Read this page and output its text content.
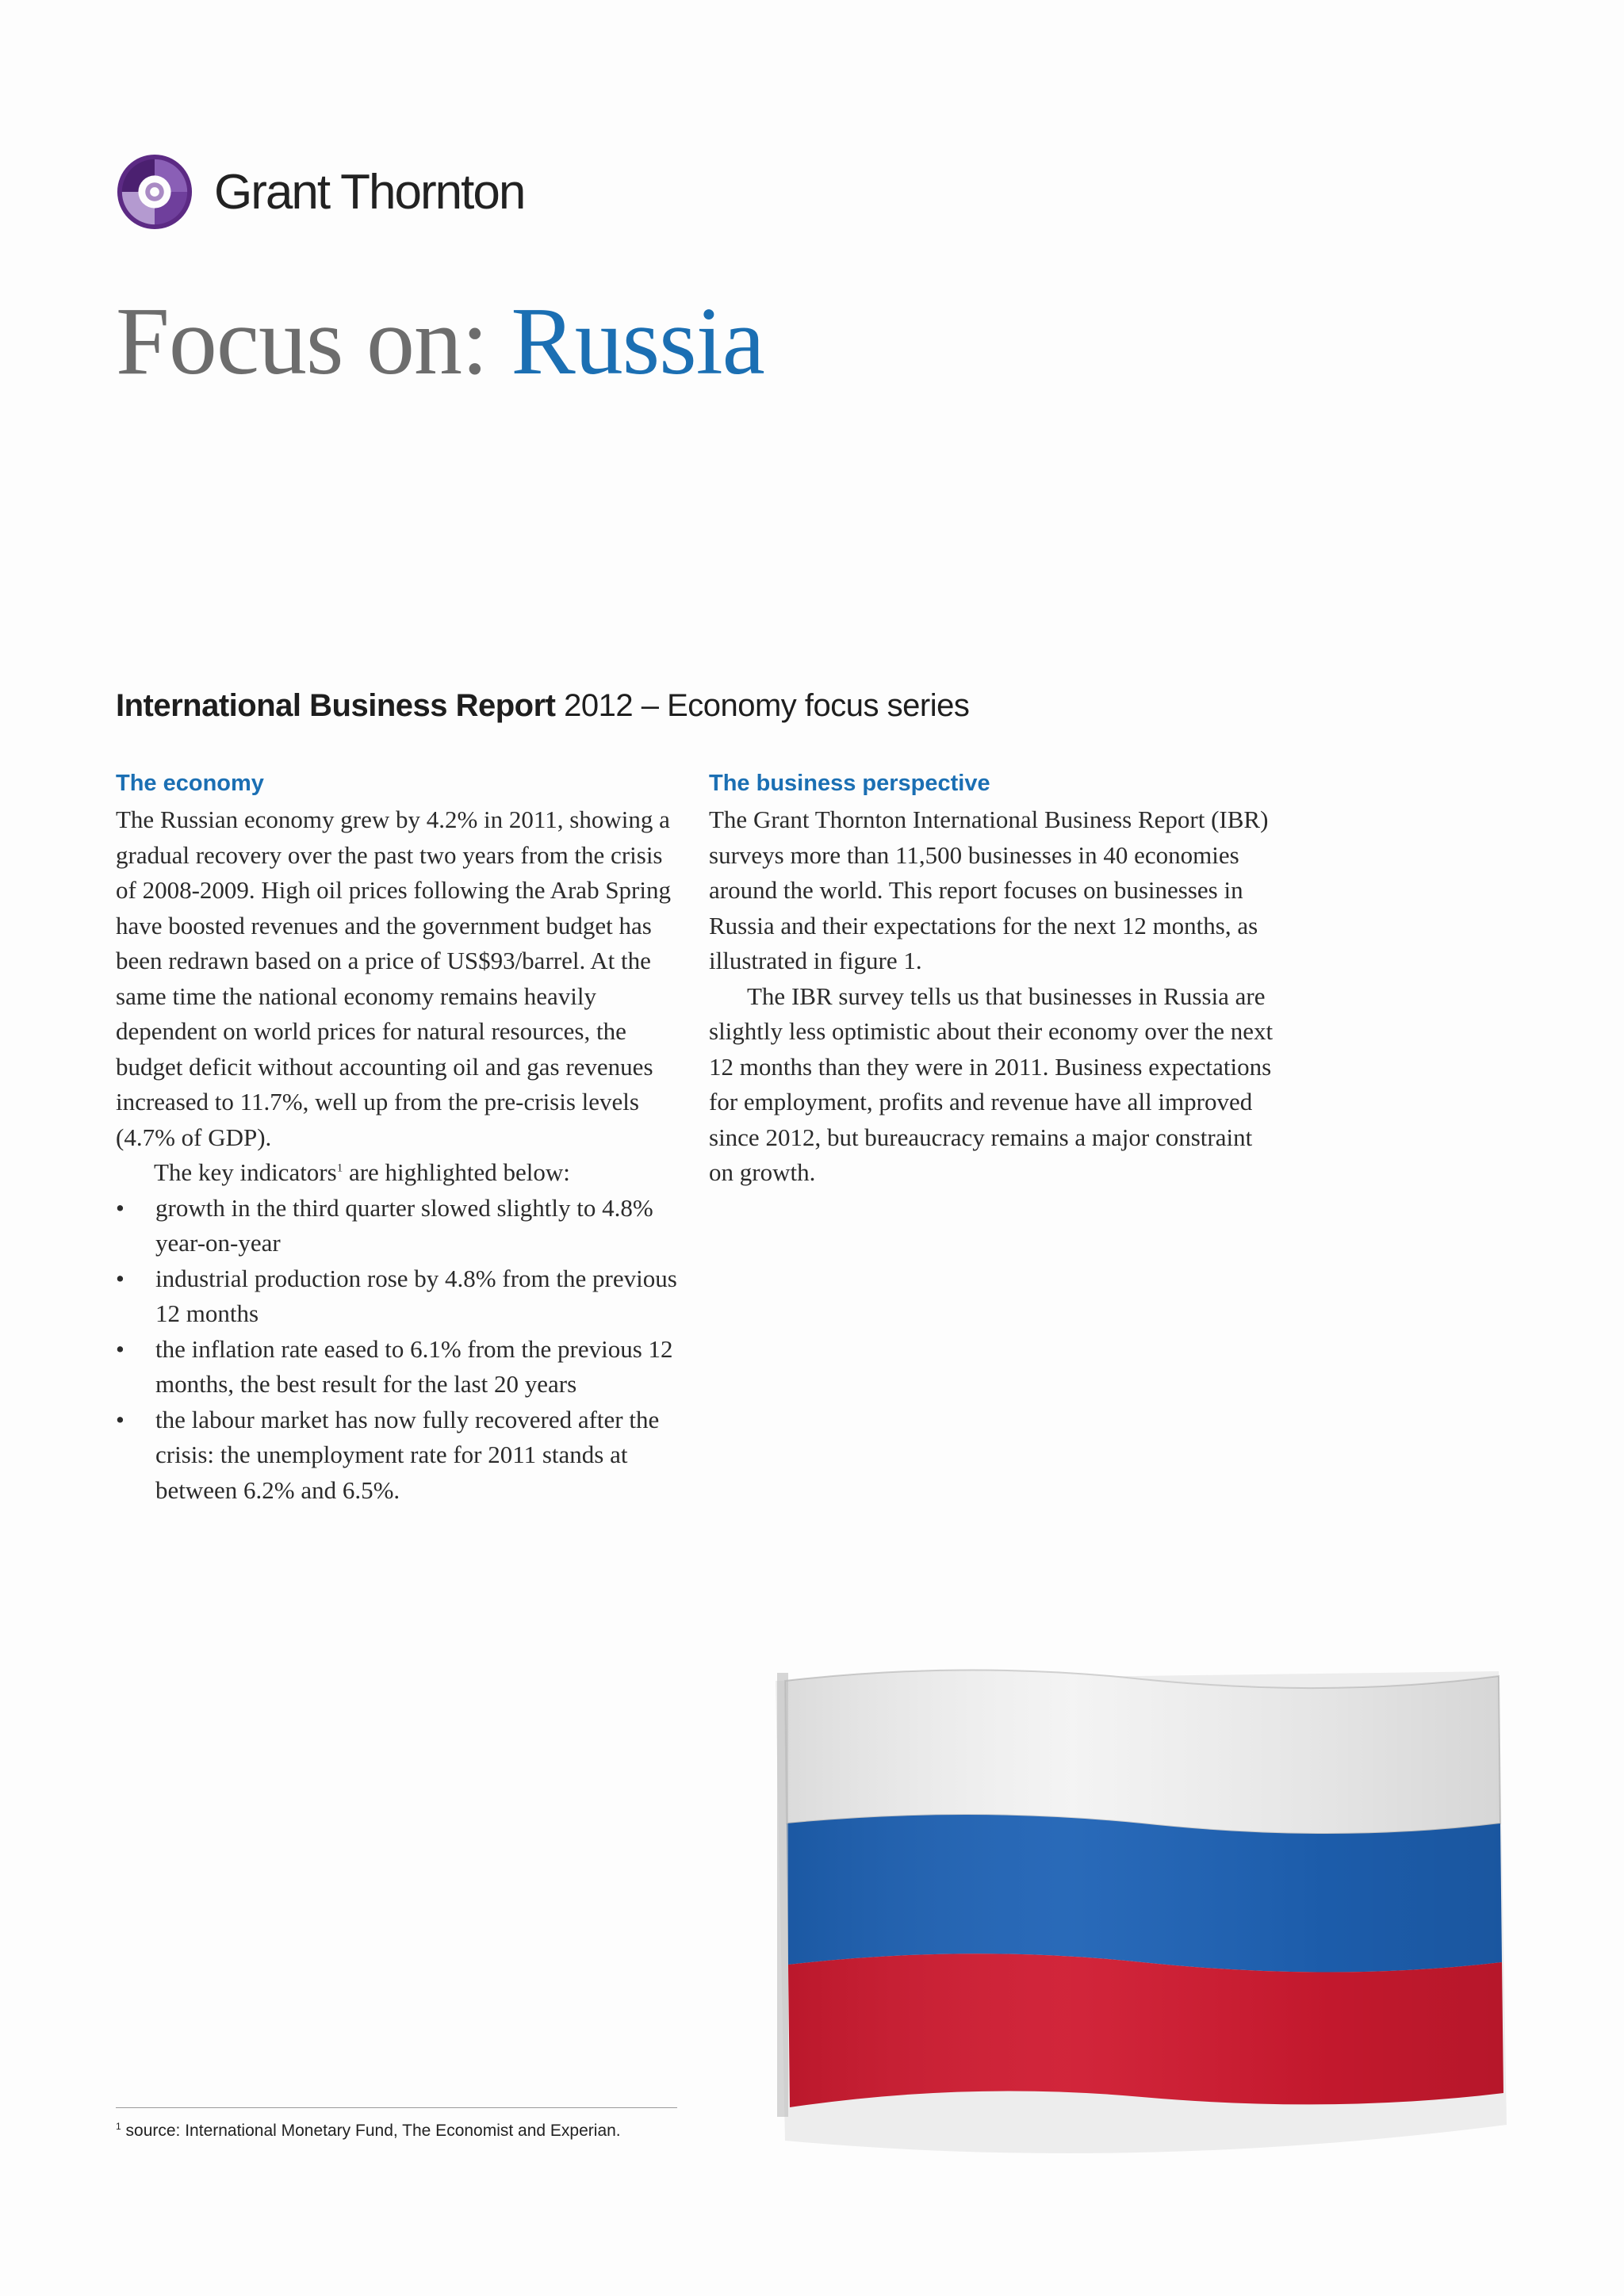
Grant Thornton
Focus on: Russia
International Business Report 2012 – Economy focus series
The economy

The Russian economy grew by 4.2% in 2011, showing a gradual recovery over the past two years from the crisis of 2008-2009. High oil prices following the Arab Spring have boosted revenues and the government budget has been redrawn based on a price of US$93/barrel. At the same time the national economy remains heavily dependent on world prices for natural resources, the budget deficit without accounting oil and gas revenues increased to 11.7%, well up from the pre-crisis levels (4.7% of GDP).

The key indicators$^1$ are highlighted below:

• growth in the third quarter slowed slightly to 4.8% year-on-year
• industrial production rose by 4.8% from the previous 12 months
• the inflation rate eased to 6.1% from the previous 12 months, the best result for the last 20 years
• the labour market has now fully recovered after the crisis: the unemployment rate for 2011 stands at between 6.2% and 6.5%.
The business perspective

The Grant Thornton International Business Report (IBR) surveys more than 11,500 businesses in 40 economies around the world. This report focuses on businesses in Russia and their expectations for the next 12 months, as illustrated in figure 1.

The IBR survey tells us that businesses in Russia are slightly less optimistic about their economy over the next 12 months than they were in 2011. Business expectations for employment, profits and revenue have all improved since 2012, but bureaucracy remains a major constraint on growth.

$^1$ source: International Monetary Fund, The Economist and Experian.
